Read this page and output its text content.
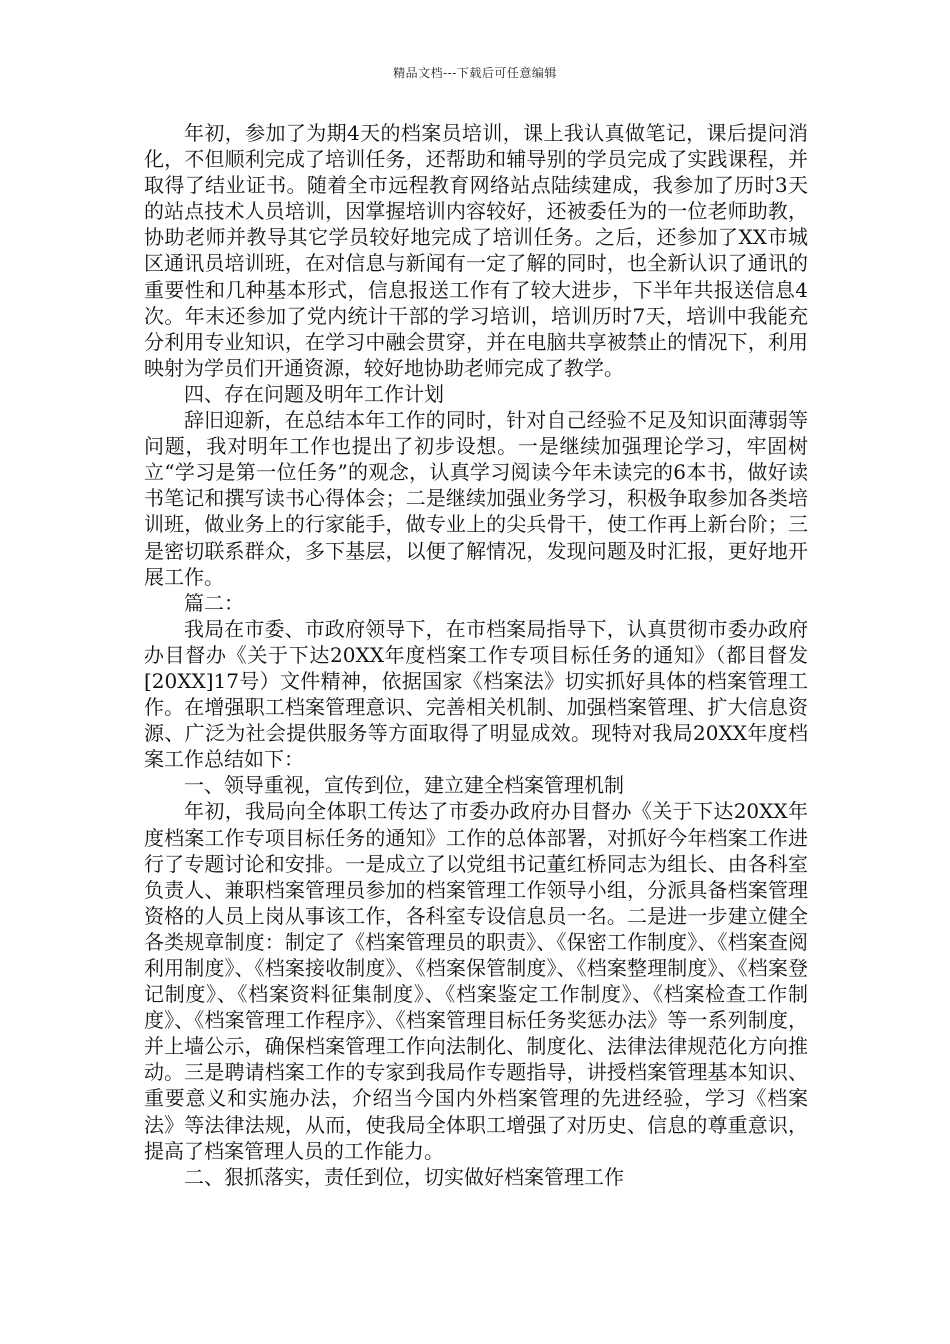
精品文档---下载后可任意编辑

年初，参加了为期4天的档案员培训，课上我认真做笔记，课后提问消化，不但顺利完成了培训任务，还帮助和辅导别的学员完成了实践课程，并取得了结业证书。随着全市远程教育网络站点陆续建成，我参加了历时3天的站点技术人员培训，因掌握培训内容较好，还被委任为的一位老师助教，协助老师并教导其它学员较好地完成了培训任务。之后，还参加了XX市城区通讯员培训班，在对信息与新闻有一定了解的同时，也全新认识了通讯的重要性和几种基本形式，信息报送工作有了较大进步，下半年共报送信息4次。年末还参加了党内统计干部的学习培训，培训历时7天，培训中我能充分利用专业知识，在学习中融会贯穿，并在电脑共享被禁止的情况下，利用映射为学员们开通资源，较好地协助老师完成了教学。

四、存在问题及明年工作计划

辞旧迎新，在总结本年工作的同时，针对自己经验不足及知识面薄弱等问题，我对明年工作也提出了初步设想。一是继续加强理论学习，牢固树立“学习是第一位任务”的观念，认真学习阅读今年未读完的6本书，做好读书笔记和撰写读书心得体会；二是继续加强业务学习，积极争取参加各类培训班，做业务上的行家能手，做专业上的尖兵骨干，使工作再上新台阶；三是密切联系群众，多下基层，以便了解情况，发现问题及时汇报，更好地开展工作。

篇二：

我局在市委、市政府领导下，在市档案局指导下，认真贯彻市委办政府办目督办《关于下达20XX年度档案工作专项目标任务的通知》（都目督发[20XX]17号）文件精神，依据国家《档案法》切实抓好具体的档案管理工作。在增强职工档案管理意识、完善相关机制、加强档案管理、扩大信息资源、广泛为社会提供服务等方面取得了明显成效。现特对我局20XX年度档案工作总结如下：

一、领导重视，宣传到位，建立建全档案管理机制

年初，我局向全体职工传达了市委办政府办目督办《关于下达20XX年度档案工作专项目标任务的通知》工作的总体部署，对抓好今年档案工作进行了专题讨论和安排。一是成立了以党组书记董红桥同志为组长、由各科室负责人、兼职档案管理员参加的档案管理工作领导小组，分派具备档案管理资格的人员上岗从事该工作，各科室专设信息员一名。二是进一步建立健全各类规章制度：制定了《档案管理员的职责》、《保密工作制度》、《档案查阅利用制度》、《档案接收制度》、《档案保管制度》、《档案整理制度》、《档案登记制度》、《档案资料征集制度》、《档案鉴定工作制度》、《档案检查工作制度》、《档案管理工作程序》、《档案管理目标任务奖惩办法》等一系列制度，并上墙公示，确保档案管理工作向法制化、制度化、法律法律规范化方向推动。三是聘请档案工作的专家到我局作专题指导，讲授档案管理基本知识、重要意义和实施办法，介绍当今国内外档案管理的先进经验，学习《档案法》等法律法规，从而，使我局全体职工增强了对历史、信息的尊重意识，提高了档案管理人员的工作能力。

二、狠抓落实，责任到位，切实做好档案管理工作
